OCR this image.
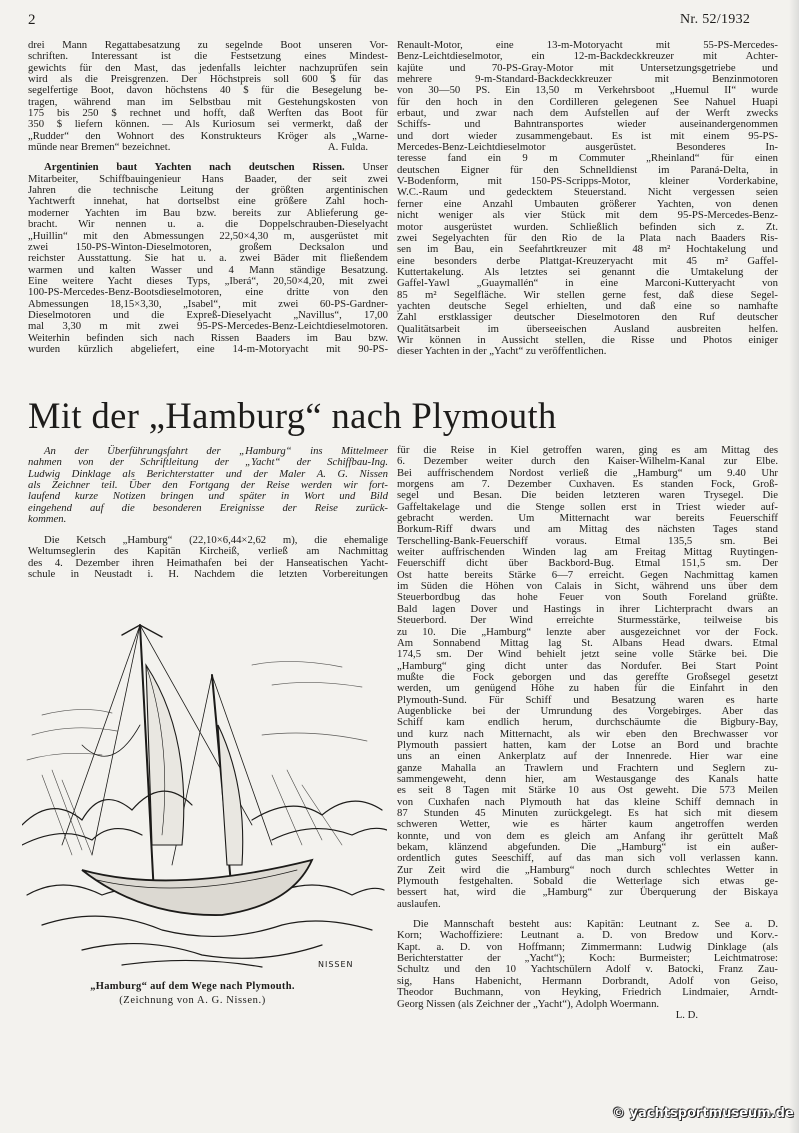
2	Nr. 52/1932
drei Mann Regattabesatzung zu segelnde Boot unseren Vor-
schriften. Interessant ist die Festsetzung eines Mindest-
gewichts für den Mast, das jedenfalls leichter nachzuprüfen sein
wird als die Preisgrenzen. Der Höchstpreis soll 600 $ für das
segelfertige Boot, davon höchstens 40 $ für die Besegelung be-
tragen, während man im Selbstbau mit Gestehungskosten von
175 bis 250 $ rechnet und hofft, daß Werften das Boot für
350 $ liefern können. — Als Kuriosum sei vermerkt, daß der
„Rudder“ den Wohnort des Konstrukteurs Kröger als „Warne-
A. Fulda.
münde near Bremen“ bezeichnet.
Argentinien baut Yachten nach deutschen Rissen. Unser
Mitarbeiter, Schiffbauingenieur Hans Baader, der seit zwei
Jahren die technische Leitung der größten argentinischen
Yachtwerft innehat, hat dortselbst eine größere Zahl hoch-
moderner Yachten im Bau bzw. bereits zur Ablieferung ge-
bracht. Wir nennen u. a. die Doppelschrauben-Dieselyacht
„Huillin“ mit den Abmessungen 22,50×4,30 m, ausgerüstet mit
zwei 150-PS-Winton-Dieselmotoren, großem Decksalon und
reichster Ausstattung. Sie hat u. a. zwei Bäder mit fließendem
warmen und kalten Wasser und 4 Mann ständige Besatzung.
Eine weitere Yacht dieses Typs, „Iberá“, 20,50×4,20, mit zwei
100-PS-Mercedes-Benz-Bootsdieselmotoren, eine dritte von den
Abmessungen 18,15×3,30, „Isabel“, mit zwei 60-PS-Gardner-
Dieselmotoren und die Expreß-Dieselyacht „Navillus“, 17,00
mal 3,30 m mit zwei 95-PS-Mercedes-Benz-Leichtdieselmotoren.
Weiterhin befinden sich nach Rissen Baaders im Bau bzw.
wurden kürzlich abgeliefert, eine 14-m-Motoryacht mit 90-PS-
Renault-Motor, eine 13-m-Motoryacht mit 55-PS-Mercedes-
Benz-Leichtdieselmotor, ein 12-m-Backdeckkreuzer mit Achter-
kajüte und 70-PS-Gray-Motor mit Untersetzungsgetriebe und
mehrere 9-m-Standard-Backdeckkreuzer mit Benzinmotoren
von 30—50 PS. Ein 13,50 m Verkehrsboot „Huemul II“ wurde
für den hoch in den Cordilleren gelegenen See Nahuel Huapi
erbaut, und zwar nach dem Aufstellen auf der Werft zwecks
Schiffs- und Bahntransportes wieder auseinandergenommen
und dort wieder zusammengebaut. Es ist mit einem 95-PS-
Mercedes-Benz-Leichtdieselmotor ausgerüstet. Besonderes In-
teresse fand ein 9 m Commuter „Rheinland“ für einen
deutschen Eigner für den Schnelldienst im Paraná-Delta, in
V-Bodenform, mit 150-PS-Scripps-Motor, kleiner Vorderkabine,
W.C.-Raum und gedecktem Steuerstand. Nicht vergessen seien
ferner eine Anzahl Umbauten größerer Yachten, von denen
nicht weniger als vier Stück mit dem 95-PS-Mercedes-Benz-
motor ausgerüstet wurden. Schließlich befinden sich z. Zt.
zwei Segelyachten für den Rio de la Plata nach Baaders Ris-
sen im Bau, ein Seefahrtkreuzer mit 48 m² Hochtakelung und
eine besonders derbe Plattgat-Kreuzeryacht mit 45 m² Gaffel-
Kuttertakelung. Als letztes sei genannt die Umtakelung der
Gaffel-Yawl „Guaymallén“ in eine Marconi-Kutteryacht von
85 m² Segelfläche. Wir stellen gerne fest, daß diese Segel-
yachten deutsche Segel erhielten, und daß eine so namhafte
Zahl erstklassiger deutscher Dieselmotoren den Ruf deutscher
Qualitätsarbeit im überseeischen Ausland ausbreiten helfen.
Wir können in Aussicht stellen, die Risse und Photos einiger
dieser Yachten in der „Yacht“ zu veröffentlichen.
Mit der „Hamburg“ nach Plymouth
An der Überführungsfahrt der „Hamburg“ ins Mittelmeer
nahmen von der Schriftleitung der „Yacht“ der Schiffbau-Ing.
Ludwig Dinklage als Berichterstatter und der Maler A. G. Nissen
als Zeichner teil. Über den Fortgang der Reise werden wir fort-
laufend kurze Notizen bringen und später in Wort und Bild
eingehend auf die besonderen Ereignisse der Reise zurück-
kommen.
Die Ketsch „Hamburg“ (22,10×6,44×2,62 m), die ehemalige
Weltumseglerin des Kapitän Kircheiß, verließ am Nachmittag
des 4. Dezember ihren Heimathafen bei der Hanseatischen Yacht-
schule in Neustadt i. H. Nachdem die letzten Vorbereitungen
für die Reise in Kiel getroffen waren, ging es am Mittag des
6. Dezember weiter durch den Kaiser-Wilhelm-Kanal zur Elbe.
Bei auffrischendem Nordost verließ die „Hamburg“ um 9.40 Uhr
morgens am 7. Dezember Cuxhaven. Es standen Fock, Groß-
segel und Besan. Die beiden letzteren waren Trysegel. Die
Gaffeltakelage und die Stenge sollen erst in Triest wieder auf-
gebracht werden. Um Mitternacht war bereits Feuerschiff
Borkum-Riff dwars und am Mittag des nächsten Tages stand
Terschelling-Bank-Feuerschiff voraus. Etmal 135,5 sm. Bei
weiter auffrischenden Winden lag am Freitag Mittag Ruytingen-
Feuerschiff dicht über Backbord-Bug. Etmal 151,5 sm. Der
Ost hatte bereits Stärke 6—7 erreicht. Gegen Nachmittag kamen
im Süden die Höhen von Calais in Sicht, während uns über dem
Steuerbordbug das hohe Feuer von South Foreland grüßte.
Bald lagen Dover und Hastings in ihrer Lichterpracht dwars an
Steuerbord. Der Wind erreichte Sturmesstärke, teilweise bis
zu 10. Die „Hamburg“ lenzte aber ausgezeichnet vor der Fock.
Am Sonnabend Mittag lag St. Albans Head dwars. Etmal
174,5 sm. Der Wind behielt jetzt seine volle Stärke bei. Die
„Hamburg“ ging dicht unter das Nordufer. Bei Start Point
mußte die Fock geborgen und das gereffte Großsegel gesetzt
werden, um genügend Höhe zu haben für die Einfahrt in den
Plymouth-Sund. Für Schiff und Besatzung waren es harte
Augenblicke bei der Umrundung des Vorgebirges. Aber das
Schiff kam endlich herum, durchschäumte die Bigbury-Bay,
und kurz nach Mitternacht, als wir eben den Brechwasser vor
Plymouth passiert hatten, kam der Lotse an Bord und brachte
uns an einen Ankerplatz auf der Innenrede. Hier war eine
ganze Mahalla an Trawlern und Frachtern und Seglern zu-
sammengeweht, denn hier, am Westausgange des Kanals hatte
es seit 8 Tagen mit Stärke 10 aus Ost geweht. Die 573 Meilen
von Cuxhafen nach Plymouth hat das kleine Schiff demnach in
87 Stunden 45 Minuten zurückgelegt. Es hat sich mit diesem
schweren Wetter, wie es härter kaum angetroffen werden
konnte, und von dem es gleich am Anfang ihr gerüttelt Maß
bekam, klänzend abgefunden. Die „Hamburg“ ist ein außer-
ordentlich gutes Seeschiff, auf das man sich voll verlassen kann.
Zur Zeit wird die „Hamburg“ noch durch schlechtes Wetter in
Plymouth festgehalten. Sobald die Wetterlage sich etwas ge-
bessert hat, wird die „Hamburg“ zur Überquerung der Biskaya
auslaufen.
Die Mannschaft besteht aus: Kapitän: Leutnant z. See a. D.
Korn; Wachoffiziere: Leutnant a. D. von Bredow und Korv.-
Kapt. a. D. von Hoffmann; Zimmermann: Ludwig Dinklage (als
Berichterstatter der „Yacht“); Koch: Burmeister; Leichtmatrose:
Schultz und den 10 Yachtschülern Adolf v. Batocki, Franz Zau-
sig, Hans Habenicht, Hermann Dorbrandt, Adolf von Geiso,
Theodor Buchmann, von Heyking, Friedrich Lindmaier, Arndt-
Georg Nissen (als Zeichner der „Yacht“), Adolph Woermann.
L. D.
NISSEN
„Hamburg“ auf dem Wege nach Plymouth.
(Zeichnung von A. G. Nissen.)
© yachtsportmuseum.de
